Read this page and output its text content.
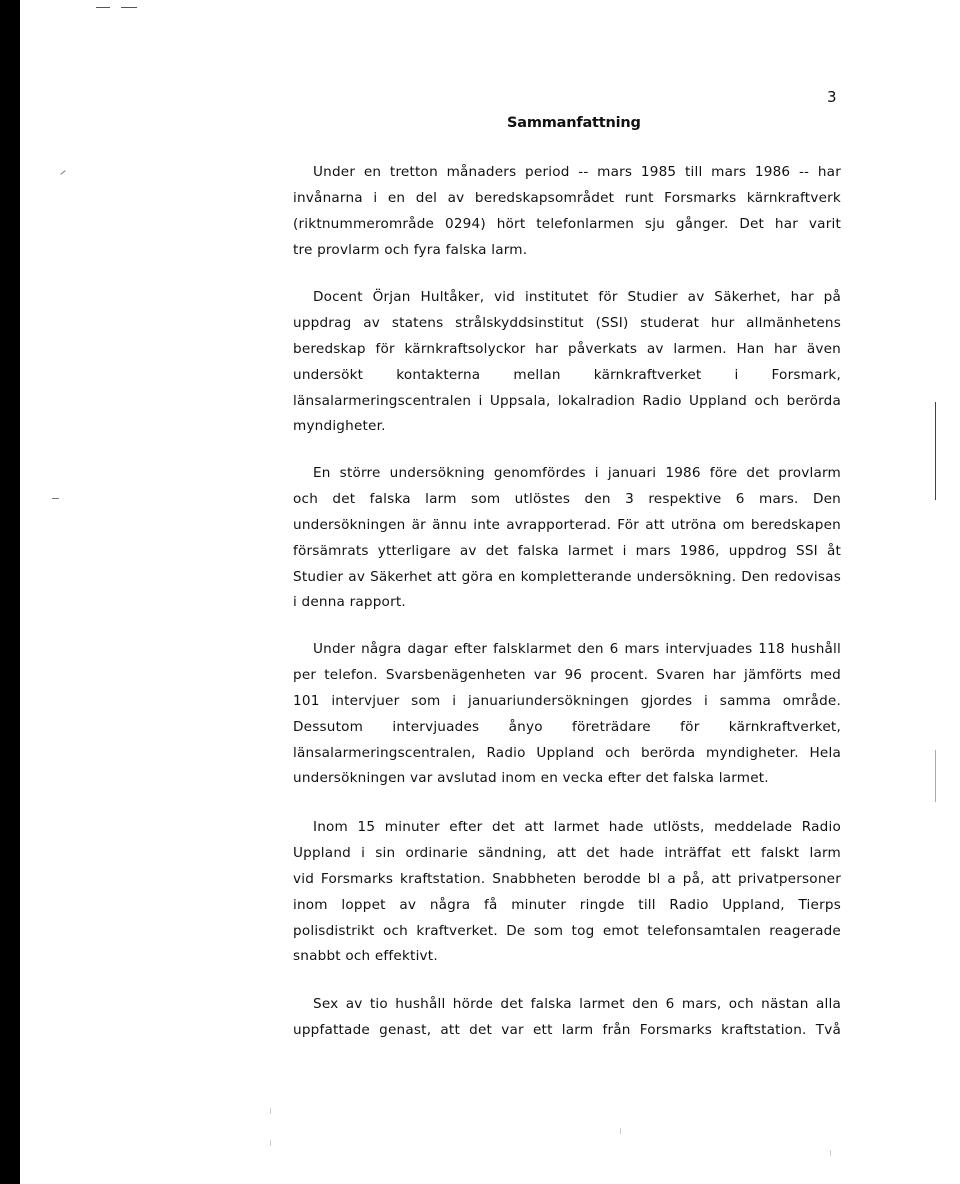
3
Sammanfattning
Under en tretton månaders period -- mars 1985 till mars 1986 -- har
invånarna i en del av beredskapsområdet runt Forsmarks kärnkraftverk
(riktnummerområde 0294) hört telefonlarmen sju gånger. Det har varit
tre provlarm och fyra falska larm.
Docent Örjan Hultåker, vid institutet för Studier av Säkerhet, har på
uppdrag av statens strålskyddsinstitut (SSI) studerat hur allmänhetens
beredskap för kärnkraftsolyckor har påverkats av larmen. Han har även
undersökt kontakterna mellan kärnkraftverket i Forsmark,
länsalarmeringscentralen i Uppsala, lokalradion Radio Uppland och berörda
myndigheter.
En större undersökning genomfördes i januari 1986 före det provlarm
och det falska larm som utlöstes den 3 respektive 6 mars. Den
undersökningen är ännu inte avrapporterad. För att utröna om beredskapen
försämrats ytterligare av det falska larmet i mars 1986, uppdrog SSI åt
Studier av Säkerhet att göra en kompletterande undersökning. Den redovisas
i denna rapport.
Under några dagar efter falsklarmet den 6 mars intervjuades 118 hushåll
per telefon. Svarsbenägenheten var 96 procent. Svaren har jämförts med
101 intervjuer som i januariundersökningen gjordes i samma område.
Dessutom intervjuades ånyo företrädare för kärnkraftverket,
länsalarmeringscentralen, Radio Uppland och berörda myndigheter. Hela
undersökningen var avslutad inom en vecka efter det falska larmet.
Inom 15 minuter efter det att larmet hade utlösts, meddelade Radio
Uppland i sin ordinarie sändning, att det hade inträffat ett falskt larm
vid Forsmarks kraftstation. Snabbheten berodde bl a på, att privatpersoner
inom loppet av några få minuter ringde till Radio Uppland, Tierps
polisdistrikt och kraftverket. De som tog emot telefonsamtalen reagerade
snabbt och effektivt.
Sex av tio hushåll hörde det falska larmet den 6 mars, och nästan alla
uppfattade genast, att det var ett larm från Forsmarks kraftstation. Två
